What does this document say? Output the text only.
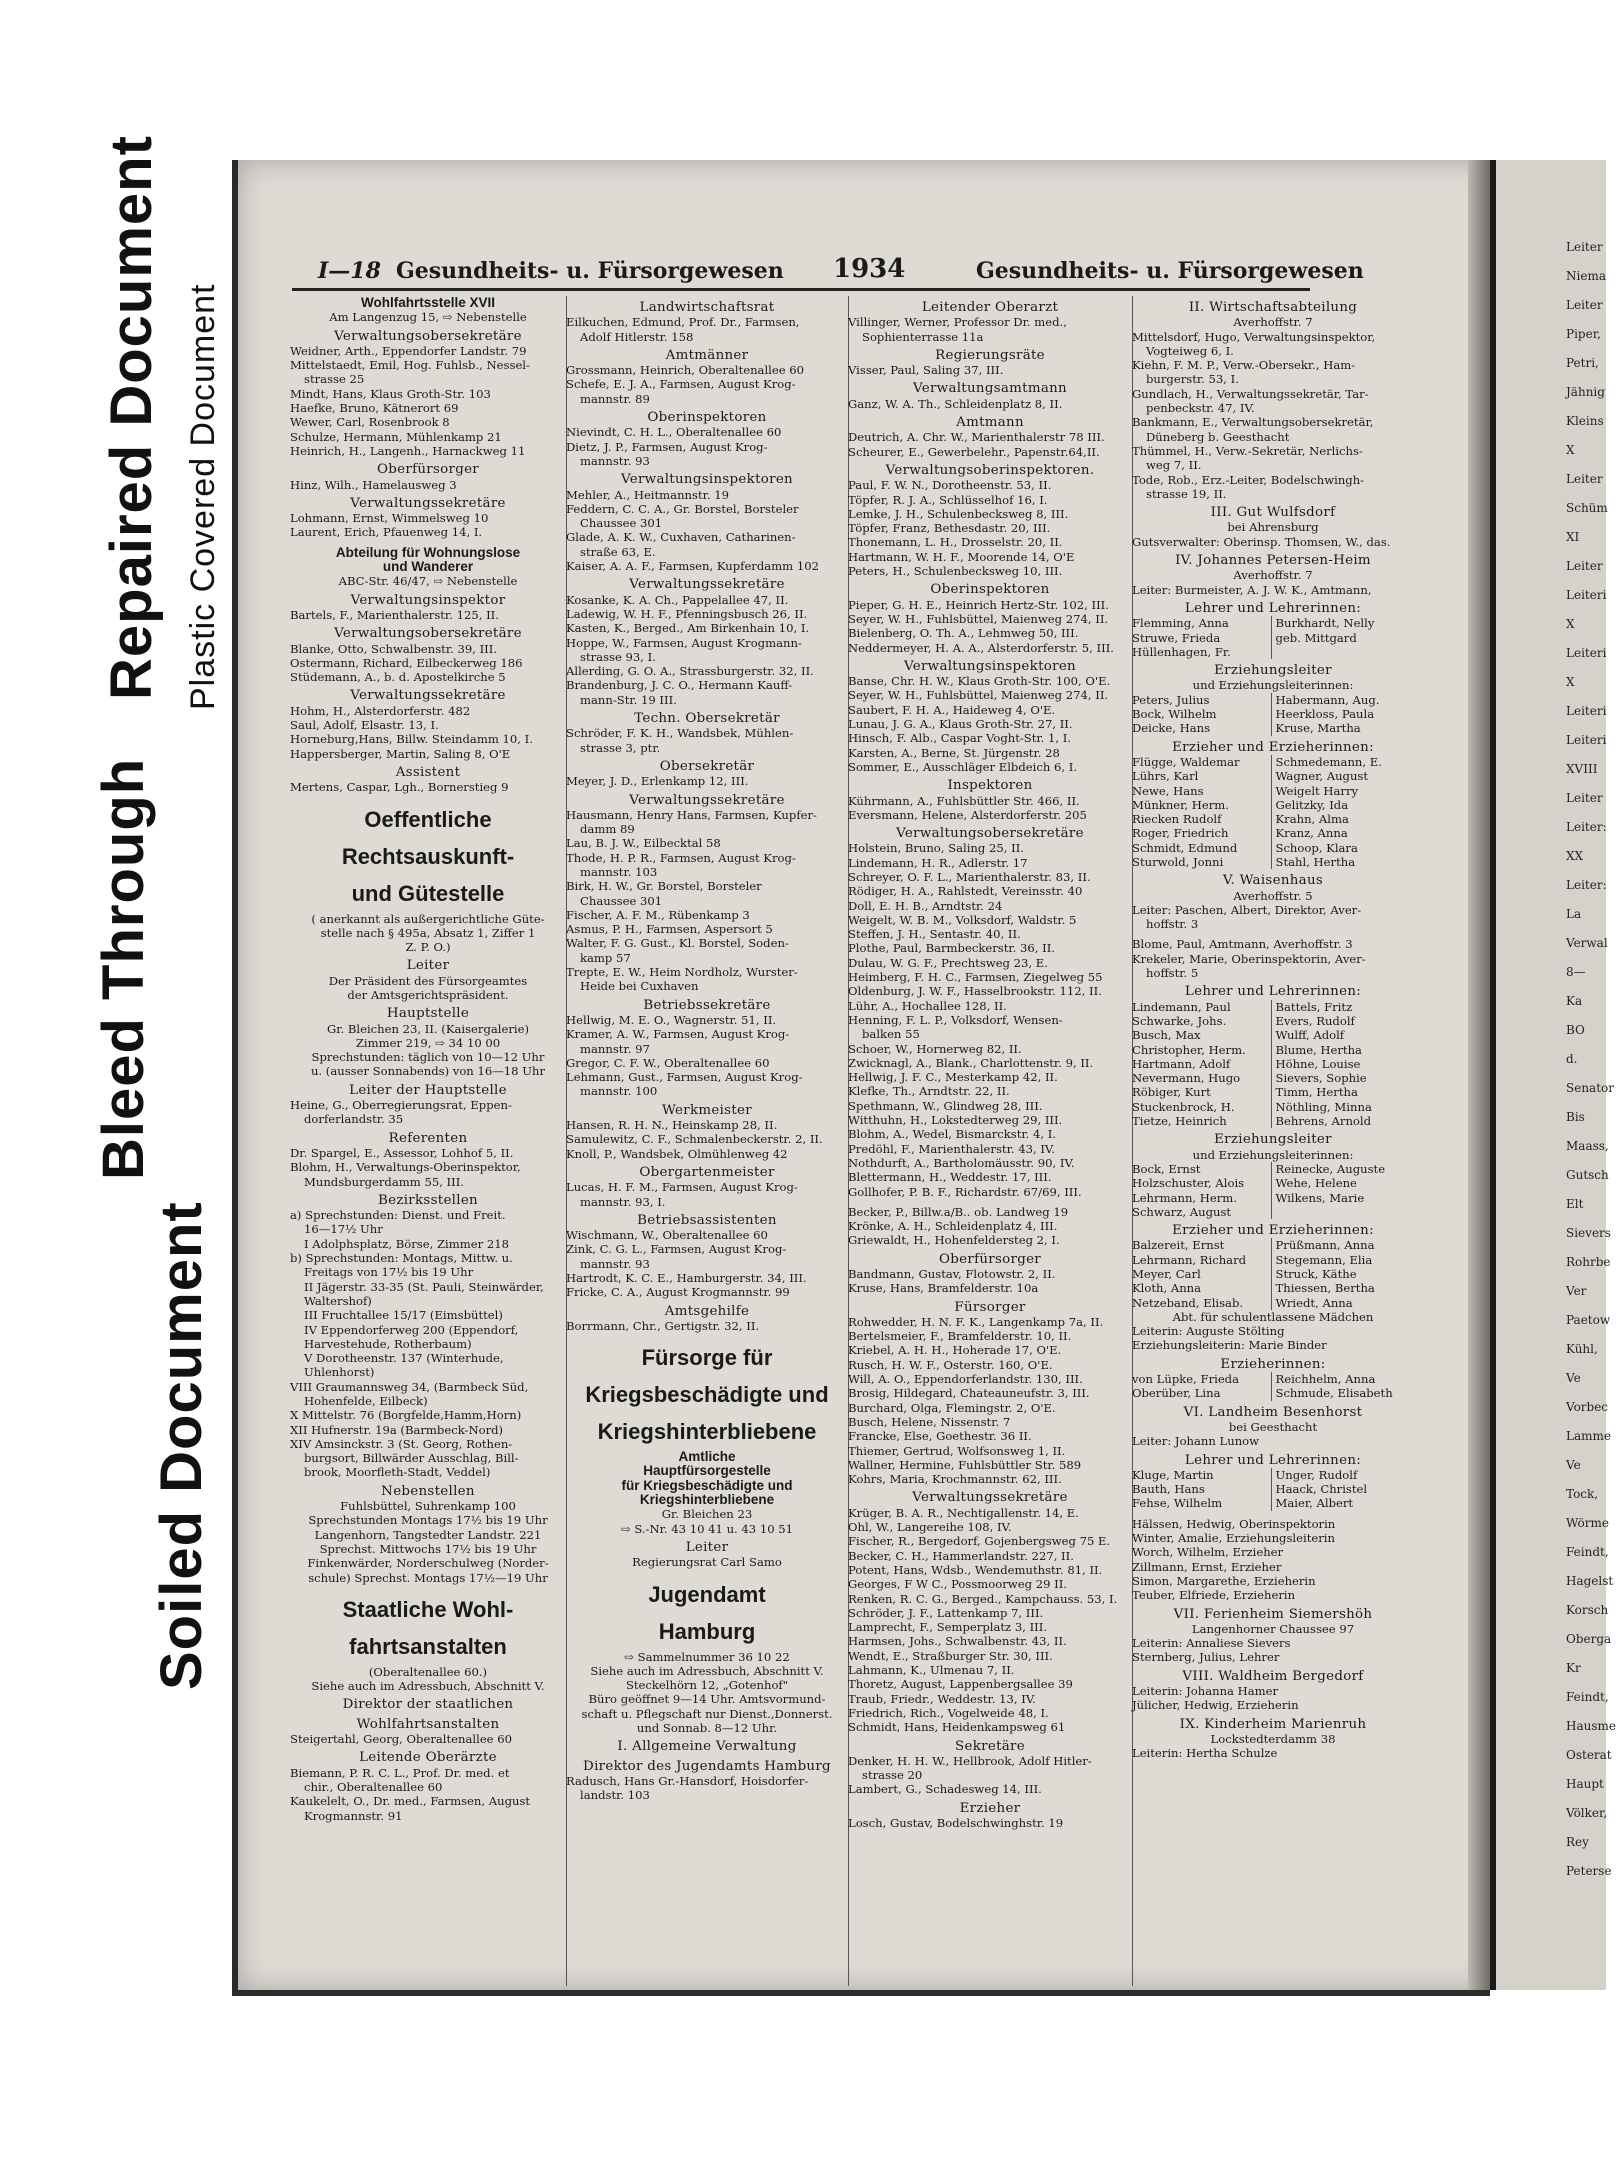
Bleed Through
Repaired Document Plastic Covered Document
Soiled Document
Leiter
Niema
Leiter
Piper,
Petri,
Jähnig
Kleins
X
Leiter
Schüm
XI
Leiter
Leiteri
X
Leiteri
X
Leiteri
Leiteri
XVIII
Leiter
Leiter:
XX
Leiter:
La
Verwal
8—
Ka
BO
d.
Senator
Bis
Maass,
Gutsch
Elt
Sievers
Rohrbe
Ver
Paetow
Kühl,
Ve
Vorbec
Lamme
Ve
Tock,
Wörme
Feindt,
Hagelst
Korsch
Oberga
Kr
Feindt,
Hausme
Osterat
Haupt
Völker,
Rey
Peterse
I—18 Gesundheits- u. Fürsorgewesen 1934	Gesundheits- u. Fürsorgewesen
Wohlfahrtsstelle XVII
Am Langenzug 15, ⇨ Nebenstelle
Verwaltungsobersekretäre
Weidner, Arth., Eppendorfer Landstr. 79
Mittelstaedt, Emil, Hog. Fuhlsb., Nessel-
strasse 25
Mindt, Hans, Klaus Groth-Str. 103
Haefke, Bruno, Kätnerort 69
Wewer, Carl, Rosenbrook 8
Schulze, Hermann, Mühlenkamp 21
Heinrich, H., Langenh., Harnackweg 11
Oberfürsorger
Hinz, Wilh., Hamelausweg 3
Verwaltungssekretäre
Lohmann, Ernst, Wimmelsweg 10
Laurent, Erich, Pfauenweg 14, I.
Abteilung für Wohnungslose
und Wanderer
ABC-Str. 46/47, ⇨ Nebenstelle
Verwaltungsinspektor
Bartels, F., Marienthalerstr. 125, II.
Verwaltungsobersekretäre
Blanke, Otto, Schwalbenstr. 39, III.
Ostermann, Richard, Eilbeckerweg 186
Stüdemann, A., b. d. Apostelkirche 5
Verwaltungssekretäre
Hohm, H., Alsterdorferstr. 482
Saul, Adolf, Elsastr. 13, I.
Horneburg,Hans, Billw. Steindamm 10, I.
Happersberger, Martin, Saling 8, O'E
Assistent
Mertens, Caspar, Lgh., Bornerstieg 9
Oeffentliche
Rechtsauskunft-
und Gütestelle
( anerkannt als außergerichtliche Güte-
stelle nach § 495a, Absatz 1, Ziffer 1
Z. P. O.)
Leiter
Der Präsident des Fürsorgeamtes
der Amtsgerichtspräsident.
Hauptstelle
Gr. Bleichen 23, II. (Kaisergalerie)
Zimmer 219, ⇨ 34 10 00
Sprechstunden: täglich von 10—12 Uhr
u. (ausser Sonnabends) von 16—18 Uhr
Leiter der Hauptstelle
Heine, G., Oberregierungsrat, Eppen-
dorferlandstr. 35
Referenten
Dr. Spargel, E., Assessor, Lohhof 5, II.
Blohm, H., Verwaltungs-Oberinspektor,
Mundsburgerdamm 55, III.
Bezirksstellen
a) Sprechstunden: Dienst. und Freit.
16—17½ Uhr
I Adolphsplatz, Börse, Zimmer 218
b) Sprechstunden: Montags, Mittw. u.
Freitags von 17½ bis 19 Uhr
II Jägerstr. 33-35 (St. Pauli, Steinwärder,
Waltershof)
III Fruchtallee 15/17 (Eimsbüttel)
IV Eppendorferweg 200 (Eppendorf,
Harvestehude, Rotherbaum)
V Dorotheenstr. 137 (Winterhude,
Uhlenhorst)
VIII Graumannsweg 34, (Barmbeck Süd,
Hohenfelde, Eilbeck)
X Mittelstr. 76 (Borgfelde,Hamm,Horn)
XII Hufnerstr. 19a (Barmbeck-Nord)
XIV Amsinckstr. 3 (St. Georg, Rothen-
burgsort, Billwärder Ausschlag, Bill-
brook, Moorfleth-Stadt, Veddel)
Nebenstellen
Fuhlsbüttel, Suhrenkamp 100
Sprechstunden Montags 17½ bis 19 Uhr
Langenhorn, Tangstedter Landstr. 221
Sprechst. Mittwochs 17½ bis 19 Uhr
Finkenwärder, Norderschulweg (Norder-
schule) Sprechst. Montags 17½—19 Uhr
Staatliche Wohl-
fahrtsanstalten
(Oberaltenallee 60.)
Siehe auch im Adressbuch, Abschnitt V.
Direktor der staatlichen
Wohlfahrtsanstalten
Steigertahl, Georg, Oberaltenallee 60
Leitende Oberärzte
Biemann, P. R. C. L., Prof. Dr. med. et
chir., Oberaltenallee 60
Kaukelelt, O., Dr. med., Farmsen, August
Krogmannstr. 91
Landwirtschaftsrat
Eilkuchen, Edmund, Prof. Dr., Farmsen,
Adolf Hitlerstr. 158
Amtmänner
Grossmann, Heinrich, Oberaltenallee 60
Schefe, E. J. A., Farmsen, August Krog-
mannstr. 89
Oberinspektoren
Nievindt, C. H. L., Oberaltenallee 60
Dietz, J. P., Farmsen, August Krog-
mannstr. 93
Verwaltungsinspektoren
Mehler, A., Heitmannstr. 19
Feddern, C. C. A., Gr. Borstel, Borsteler
Chaussee 301
Glade, A. K. W., Cuxhaven, Catharinen-
straße 63, E.
Kaiser, A. A. F., Farmsen, Kupferdamm 102
Verwaltungssekretäre
Kosanke, K. A. Ch., Pappelallee 47, II.
Ladewig, W. H. F., Pfenningsbusch 26, II.
Kasten, K., Berged., Am Birkenhain 10, I.
Hoppe, W., Farmsen, August Krogmann-
strasse 93, I.
Allerding, G. O. A., Strassburgerstr. 32, II.
Brandenburg, J. C. O., Hermann Kauff-
mann-Str. 19 III.
Techn. Obersekretär
Schröder, F. K. H., Wandsbek, Mühlen-
strasse 3, ptr.
Obersekretär
Meyer, J. D., Erlenkamp 12, III.
Verwaltungssekretäre
Hausmann, Henry Hans, Farmsen, Kupfer-
damm 89
Lau, B. J. W., Eilbecktal 58
Thode, H. P. R., Farmsen, August Krog-
mannstr. 103
Birk, H. W., Gr. Borstel, Borsteler
Chaussee 301
Fischer, A. F. M., Rübenkamp 3
Asmus, P. H., Farmsen, Aspersort 5
Walter, F. G. Gust., Kl. Borstel, Soden-
kamp 57
Trepte, E. W., Heim Nordholz, Wurster-
Heide bei Cuxhaven
Betriebssekretäre
Hellwig, M. E. O., Wagnerstr. 51, II.
Kramer, A. W., Farmsen, August Krog-
mannstr. 97
Gregor, C. F. W., Oberaltenallee 60
Lehmann, Gust., Farmsen, August Krog-
mannstr. 100
Werkmeister
Hansen, R. H. N., Heinskamp 28, II.
Samulewitz, C. F., Schmalenbeckerstr. 2, II.
Knoll, P., Wandsbek, Olmühlenweg 42
Obergartenmeister
Lucas, H. F. M., Farmsen, August Krog-
mannstr. 93, I.
Betriebsassistenten
Wischmann, W., Oberaltenallee 60
Zink, C. G. L., Farmsen, August Krog-
mannstr. 93
Hartrodt, K. C. E., Hamburgerstr. 34, III.
Fricke, C. A., August Krogmannstr. 99
Amtsgehilfe
Borrmann, Chr., Gertigstr. 32, II.
Fürsorge für
Kriegsbeschädigte und
Kriegshinterbliebene
Amtliche
Hauptfürsorgestelle
für Kriegsbeschädigte und
Kriegshinterbliebene
Gr. Bleichen 23
⇨ S.-Nr. 43 10 41 u. 43 10 51
Leiter
Regierungsrat Carl Samo
Jugendamt
Hamburg
⇨ Sammelnummer 36 10 22
Siehe auch im Adressbuch, Abschnitt V.
Steckelhörn 12, „Gotenhof"
Büro geöffnet 9—14 Uhr. Amtsvormund-
schaft u. Pflegschaft nur Dienst.,Donnerst.
und Sonnab. 8—12 Uhr.
I. Allgemeine Verwaltung
Direktor des Jugendamts Hamburg
Radusch, Hans Gr.-Hansdorf, Hoisdorfer-
landstr. 103
Leitender Oberarzt
Villinger, Werner, Professor Dr. med.,
Sophienterrasse 11a
Regierungsräte
Visser, Paul, Saling 37, III.
Verwaltungsamtmann
Ganz, W. A. Th., Schleidenplatz 8, II.
Amtmann
Deutrich, A. Chr. W., Marienthalerstr 78 III.
Scheurer, E., Gewerbelehr., Papenstr.64,II.
Verwaltungsoberinspektoren.
Paul, F. W. N., Dorotheenstr. 53, II.
Töpfer, R. J. A., Schlüsselhof 16, I.
Lemke, J. H., Schulenbecksweg 8, III.
Töpfer, Franz, Bethesdastr. 20, III.
Thonemann, L. H., Drosselstr. 20, II.
Hartmann, W. H. F., Moorende 14, O'E
Peters, H., Schulenbecksweg 10, III.
Oberinspektoren
Pieper, G. H. E., Heinrich Hertz-Str. 102, III.
Seyer, W. H., Fuhlsbüttel, Maienweg 274, II.
Bielenberg, O. Th. A., Lehmweg 50, III.
Neddermeyer, H. A. A., Alsterdorferstr. 5, III.
Verwaltungsinspektoren
Banse, Chr. H. W., Klaus Groth-Str. 100, O'E.
Seyer, W. H., Fuhlsbüttel, Maienweg 274, II.
Saubert, F. H. A., Haideweg 4, O'E.
Lunau, J. G. A., Klaus Groth-Str. 27, II.
Hinsch, F. Alb., Caspar Voght-Str. 1, I.
Karsten, A., Berne, St. Jürgenstr. 28
Sommer, E., Ausschläger Elbdeich 6, I.
Inspektoren
Kührmann, A., Fuhlsbüttler Str. 466, II.
Eversmann, Helene, Alsterdorferstr. 205
Verwaltungsobersekretäre
Holstein, Bruno, Saling 25, II.
Lindemann, H. R., Adlerstr. 17
Schreyer, O. F. L., Marienthalerstr. 83, II.
Rödiger, H. A., Rahlstedt, Vereinsstr. 40
Doll, E. H. B., Arndtstr. 24
Weigelt, W. B. M., Volksdorf, Waldstr. 5
Steffen, J. H., Sentastr. 40, II.
Plothe, Paul, Barmbeckerstr. 36, II.
Dulau, W. G. F., Prechtsweg 23, E.
Heimberg, F. H. C., Farmsen, Ziegelweg 55
Oldenburg, J. W. F., Hasselbrookstr. 112, II.
Lühr, A., Hochallee 128, II.
Henning, F. L. P., Volksdorf, Wensen-
balken 55
Schoer, W., Hornerweg 82, II.
Zwicknagl, A., Blank., Charlottenstr. 9, II.
Hellwig, J. F. C., Mesterkamp 42, II.
Klefke, Th., Arndtstr. 22, II.
Spethmann, W., Glindweg 28, III.
Witthuhn, H., Lokstedterweg 29, III.
Blohm, A., Wedel, Bismarckstr. 4, I.
Predöhl, F., Marienthalerstr. 43, IV.
Nothdurft, A., Bartholomäusstr. 90, IV.
Blettermann, H., Weddestr. 17, III.
Gollhofer, P. B. F., Richardstr. 67/69, III.
Becker, P., Billw.a/B.. ob. Landweg 19
Krönke, A. H., Schleidenplatz 4, III.
Griewaldt, H., Hohenfeldersteg 2, I.
Oberfürsorger
Bandmann, Gustav, Flotowstr. 2, II.
Kruse, Hans, Bramfelderstr. 10a
Fürsorger
Rohwedder, H. N. F. K., Langenkamp 7a, II.
Bertelsmeier, F., Bramfelderstr. 10, II.
Kriebel, A. H. H., Hoherade 17, O'E.
Rusch, H. W. F., Osterstr. 160, O'E.
Will, A. O., Eppendorferlandstr. 130, III.
Brosig, Hildegard, Chateauneufstr. 3, III.
Burchard, Olga, Flemingstr. 2, O'E.
Busch, Helene, Nissenstr. 7
Francke, Else, Goethestr. 36 II.
Thiemer, Gertrud, Wolfsonsweg 1, II.
Wallner, Hermine, Fuhlsbüttler Str. 589
Kohrs, Maria, Krochmannstr. 62, III.
Verwaltungssekretäre
Krüger, B. A. R., Nechtigallenstr. 14, E.
Ohl, W., Langereihe 108, IV.
Fischer, R., Bergedorf, Gojenbergsweg 75 E.
Becker, C. H., Hammerlandstr. 227, II.
Potent, Hans, Wdsb., Wendemuthstr. 81, II.
Georges, F W C., Possmoorweg 29 II.
Renken, R. C. G., Berged., Kampchauss. 53, I.
Schröder, J. F., Lattenkamp 7, III.
Lamprecht, F., Semperplatz 3, III.
Harmsen, Johs., Schwalbenstr. 43, II.
Wendt, E., Straßburger Str. 30, III.
Lahmann, K., Ulmenau 7, II.
Thoretz, August, Lappenbergsallee 39
Traub, Friedr., Weddestr. 13, IV.
Friedrich, Rich., Vogelweide 48, I.
Schmidt, Hans, Heidenkampsweg 61
Sekretäre
Denker, H. H. W., Hellbrook, Adolf Hitler-
strasse 20
Lambert, G., Schadesweg 14, III.
Erzieher
Losch, Gustav, Bodelschwinghstr. 19
II. Wirtschaftsabteilung
Averhoffstr. 7
Mittelsdorf, Hugo, Verwaltungsinspektor,
Vogteiweg 6, I.
Kiehn, F. M. P., Verw.-Obersekr., Ham-
burgerstr. 53, I.
Gundlach, H., Verwaltungssekretär, Tar-
penbeckstr. 47, IV.
Bankmann, E., Verwaltungsobersekretär,
Düneberg b. Geesthacht
Thümmel, H., Verw.-Sekretär, Nerlichs-
weg 7, II.
Tode, Rob., Erz.-Leiter, Bodelschwingh-
strasse 19, II.
III. Gut Wulfsdorf
bei Ahrensburg
Gutsverwalter: Oberinsp. Thomsen, W., das.
IV. Johannes Petersen-Heim
Averhoffstr. 7
Leiter: Burmeister, A. J. W. K., Amtmann,
Lehrer und Lehrerinnen:
Flemming, Anna	Burkhardt, Nelly
Struwe, Frieda	geb. Mittgard
Hüllenhagen, Fr.
Erziehungsleiter
und Erziehungsleiterinnen:
Peters, Julius	Habermann, Aug.
Bock, Wilhelm	Heerkloss, Paula
Deicke, Hans	Kruse, Martha
Erzieher und Erzieherinnen:
Flügge, Waldemar	Schmedemann, E.
Lührs, Karl	Wagner, August
Newe, Hans	Weigelt Harry
Münkner, Herm.	Gelitzky, Ida
Riecken Rudolf	Krahn, Alma
Roger, Friedrich	Kranz, Anna
Schmidt, Edmund	Schoop, Klara
Sturwold, Jonni	Stahl, Hertha
V. Waisenhaus
Averhoffstr. 5
Leiter: Paschen, Albert, Direktor, Aver-
hoffstr. 3
Blome, Paul, Amtmann, Averhoffstr. 3
Krekeler, Marie, Oberinspektorin, Aver-
hoffstr. 5
Lehrer und Lehrerinnen:
Lindemann, Paul	Battels, Fritz
Schwarke, Johs.	Evers, Rudolf
Busch, Max	Wulff, Adolf
Christopher, Herm.	Blume, Hertha
Hartmann, Adolf	Höhne, Louise
Nevermann, Hugo	Sievers, Sophie
Röbiger, Kurt	Timm, Hertha
Stuckenbrock, H.	Nöthling, Minna
Tietze, Heinrich	Behrens, Arnold
Erziehungsleiter
und Erziehungsleiterinnen:
Bock, Ernst	Reinecke, Auguste
Holzschuster, Alois	Wehe, Helene
Lehrmann, Herm.	Wilkens, Marie
Schwarz, August
Erzieher und Erzieherinnen:
Balzereit, Ernst	Prüßmann, Anna
Lehrmann, Richard	Stegemann, Elia
Meyer, Carl	Struck, Käthe
Kloth, Anna	Thiessen, Bertha
Netzeband, Elisab.	Wriedt, Anna
Abt. für schulentlassene Mädchen
Leiterin: Auguste Stölting
Erziehungsleiterin: Marie Binder
Erzieherinnen:
von Lüpke, Frieda	Reichhelm, Anna
Oberüber, Lina	Schmude, Elisabeth
VI. Landheim Besenhorst
bei Geesthacht
Leiter: Johann Lunow
Lehrer und Lehrerinnen:
Kluge, Martin	Unger, Rudolf
Bauth, Hans	Haack, Christel
Fehse, Wilhelm	Maier, Albert
Hälssen, Hedwig, Oberinspektorin
Winter, Amalie, Erziehungsleiterin
Worch, Wilhelm, Erzieher
Zillmann, Ernst, Erzieher
Simon, Margarethe, Erzieherin
Teuber, Elfriede, Erzieherin
VII. Ferienheim Siemershöh
Langenhorner Chaussee 97
Leiterin: Annaliese Sievers
Sternberg, Julius, Lehrer
VIII. Waldheim Bergedorf
Leiterin: Johanna Hamer
Jülicher, Hedwig, Erzieherin
IX. Kinderheim Marienruh
Lockstedterdamm 38
Leiterin: Hertha Schulze
